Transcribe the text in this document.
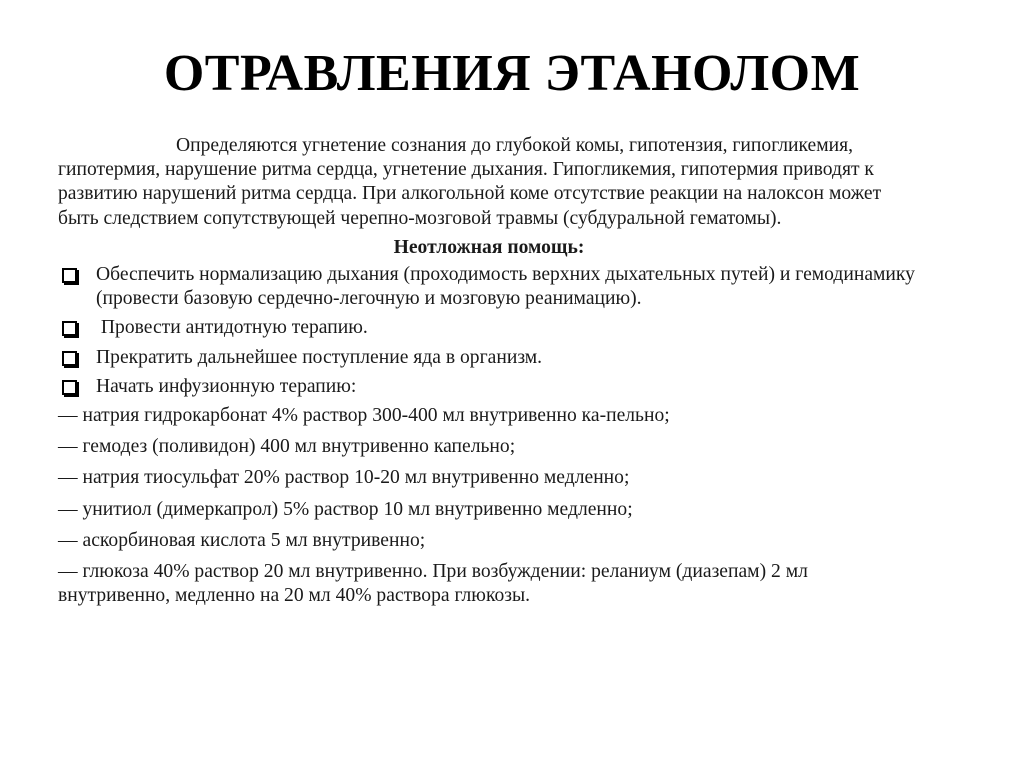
ОТРАВЛЕНИЯ ЭТАНОЛОМ

Определяются угнетение сознания до глубокой комы, гипотензия, гипогликемия, гипотермия, нарушение ритма сердца, угнетение дыхания. Гипогликемия, гипотермия приводят к развитию нарушений ритма сердца. При алкогольной коме отсутствие реакции на налоксон может быть следствием сопутствующей черепно-мозговой травмы (субдуральной гематомы).

Неотложная помощь:
Обеспечить нормализацию дыхания (проходимость верхних дыхательных путей) и гемодинамику (провести базовую сердечно-легочную и мозговую реанимацию).
Провести антидотную терапию.
Прекратить дальнейшее поступление яда в организм.
Начать инфузионную терапию:
— натрия гидрокарбонат 4% раствор 300-400 мл внутривенно ка-пельно;
— гемодез (поливидон) 400 мл внутривенно капельно;
— натрия тиосульфат 20% раствор 10-20 мл внутривенно медленно;
— унитиол (димеркапрол) 5% раствор 10 мл внутривенно медленно;
— аскорбиновая кислота 5 мл внутривенно;
— глюкоза 40% раствор 20 мл внутривенно. При возбуждении: реланиум (диазепам) 2 мл внутривенно, медленно на 20 мл 40% раствора глюкозы.
